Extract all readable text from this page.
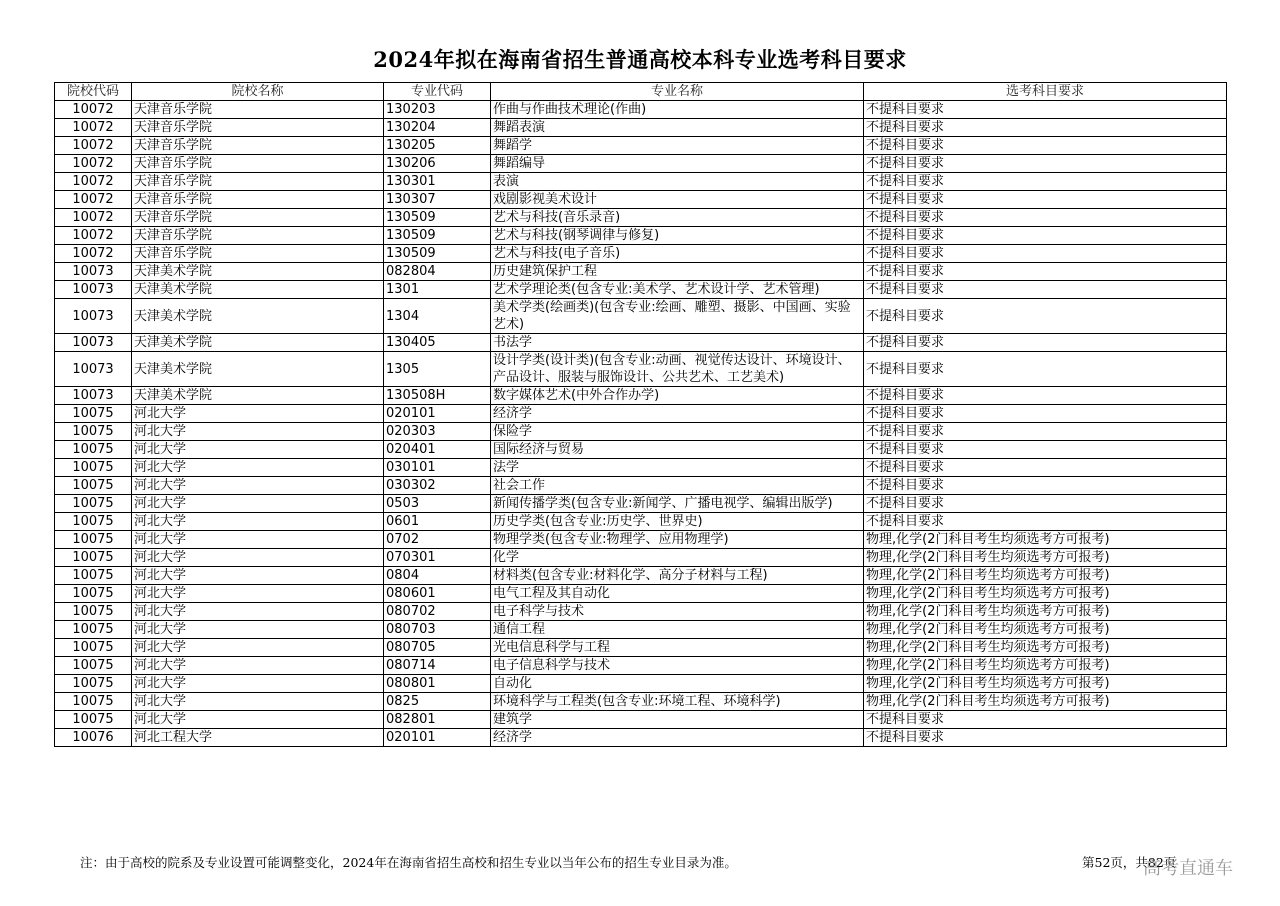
2024年拟在海南省招生普通高校本科专业选考科目要求
院校代码	院校名称	专业代码	专业名称	选考科目要求
10072	天津音乐学院	130203	作曲与作曲技术理论(作曲)	不提科目要求
10072	天津音乐学院	130204	舞蹈表演	不提科目要求
10072	天津音乐学院	130205	舞蹈学	不提科目要求
10072	天津音乐学院	130206	舞蹈编导	不提科目要求
10072	天津音乐学院	130301	表演	不提科目要求
10072	天津音乐学院	130307	戏剧影视美术设计	不提科目要求
10072	天津音乐学院	130509	艺术与科技(音乐录音)	不提科目要求
10072	天津音乐学院	130509	艺术与科技(钢琴调律与修复)	不提科目要求
10072	天津音乐学院	130509	艺术与科技(电子音乐)	不提科目要求
10073	天津美术学院	082804	历史建筑保护工程	不提科目要求
10073	天津美术学院	1301	艺术学理论类(包含专业:美术学、艺术设计学、艺术管理)	不提科目要求
10073	天津美术学院	1304	美术学类(绘画类)(包含专业:绘画、雕塑、摄影、中国画、实验艺术)	不提科目要求
10073	天津美术学院	130405	书法学	不提科目要求
10073	天津美术学院	1305	设计学类(设计类)(包含专业:动画、视觉传达设计、环境设计、产品设计、服装与服饰设计、公共艺术、工艺美术)	不提科目要求
10073	天津美术学院	130508H	数字媒体艺术(中外合作办学)	不提科目要求
10075	河北大学	020101	经济学	不提科目要求
10075	河北大学	020303	保险学	不提科目要求
10075	河北大学	020401	国际经济与贸易	不提科目要求
10075	河北大学	030101	法学	不提科目要求
10075	河北大学	030302	社会工作	不提科目要求
10075	河北大学	0503	新闻传播学类(包含专业:新闻学、广播电视学、编辑出版学)	不提科目要求
10075	河北大学	0601	历史学类(包含专业:历史学、世界史)	不提科目要求
10075	河北大学	0702	物理学类(包含专业:物理学、应用物理学)	物理,化学(2门科目考生均须选考方可报考)
10075	河北大学	070301	化学	物理,化学(2门科目考生均须选考方可报考)
10075	河北大学	0804	材料类(包含专业:材料化学、高分子材料与工程)	物理,化学(2门科目考生均须选考方可报考)
10075	河北大学	080601	电气工程及其自动化	物理,化学(2门科目考生均须选考方可报考)
10075	河北大学	080702	电子科学与技术	物理,化学(2门科目考生均须选考方可报考)
10075	河北大学	080703	通信工程	物理,化学(2门科目考生均须选考方可报考)
10075	河北大学	080705	光电信息科学与工程	物理,化学(2门科目考生均须选考方可报考)
10075	河北大学	080714	电子信息科学与技术	物理,化学(2门科目考生均须选考方可报考)
10075	河北大学	080801	自动化	物理,化学(2门科目考生均须选考方可报考)
10075	河北大学	0825	环境科学与工程类(包含专业:环境工程、环境科学)	物理,化学(2门科目考生均须选考方可报考)
10075	河北大学	082801	建筑学	不提科目要求
10076	河北工程大学	020101	经济学	不提科目要求
注：由于高校的院系及专业设置可能调整变化，2024年在海南省招生高校和招生专业以当年公布的招生专业目录为准。	第52页，共82页
高考直通车
